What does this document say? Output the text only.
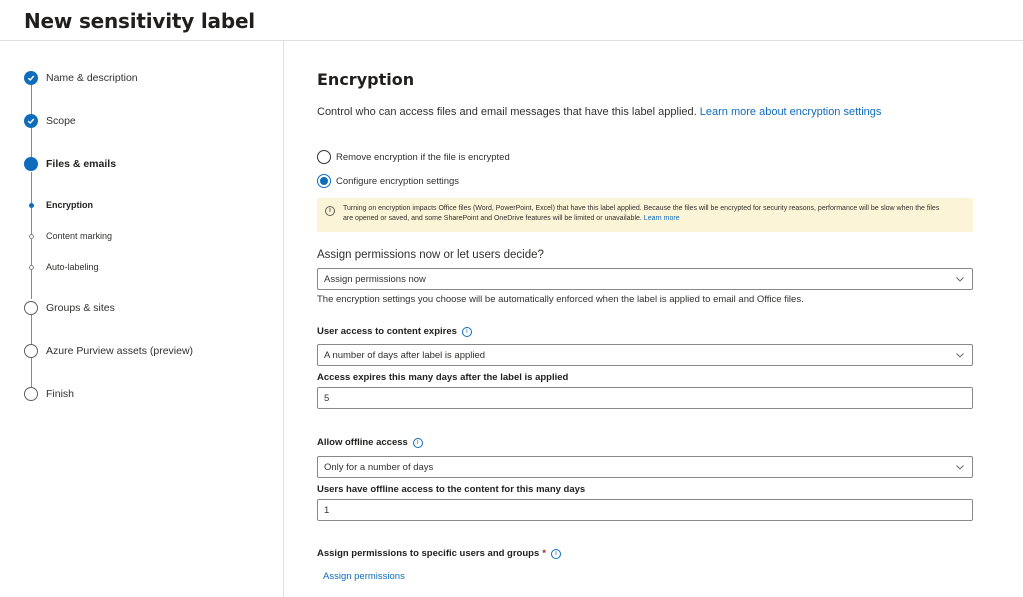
New sensitivity label
Name & description
Scope
Files & emails
Encryption
Content marking
Auto-labeling
Groups & sites
Azure Purview assets (preview)
Finish
Encryption
Control who can access files and email messages that have this label applied. Learn more about encryption settings
Remove encryption if the file is encrypted
Configure encryption settings
i	Turning on encryption impacts Office files (Word, PowerPoint, Excel) that have this label applied. Because the files will be encrypted for security reasons, performance will be slow when the files are opened or saved, and some SharePoint and OneDrive features will be limited or unavailable. Learn more
Assign permissions now or let users decide?
Assign permissions now
The encryption settings you choose will be automatically enforced when the label is applied to email and Office files.
User access to content expires	i
A number of days after label is applied
Access expires this many days after the label is applied
5
Allow offline access	i
Only for a number of days
Users have offline access to the content for this many days
1
Assign permissions to specific users and groups *	i
Assign permissions
